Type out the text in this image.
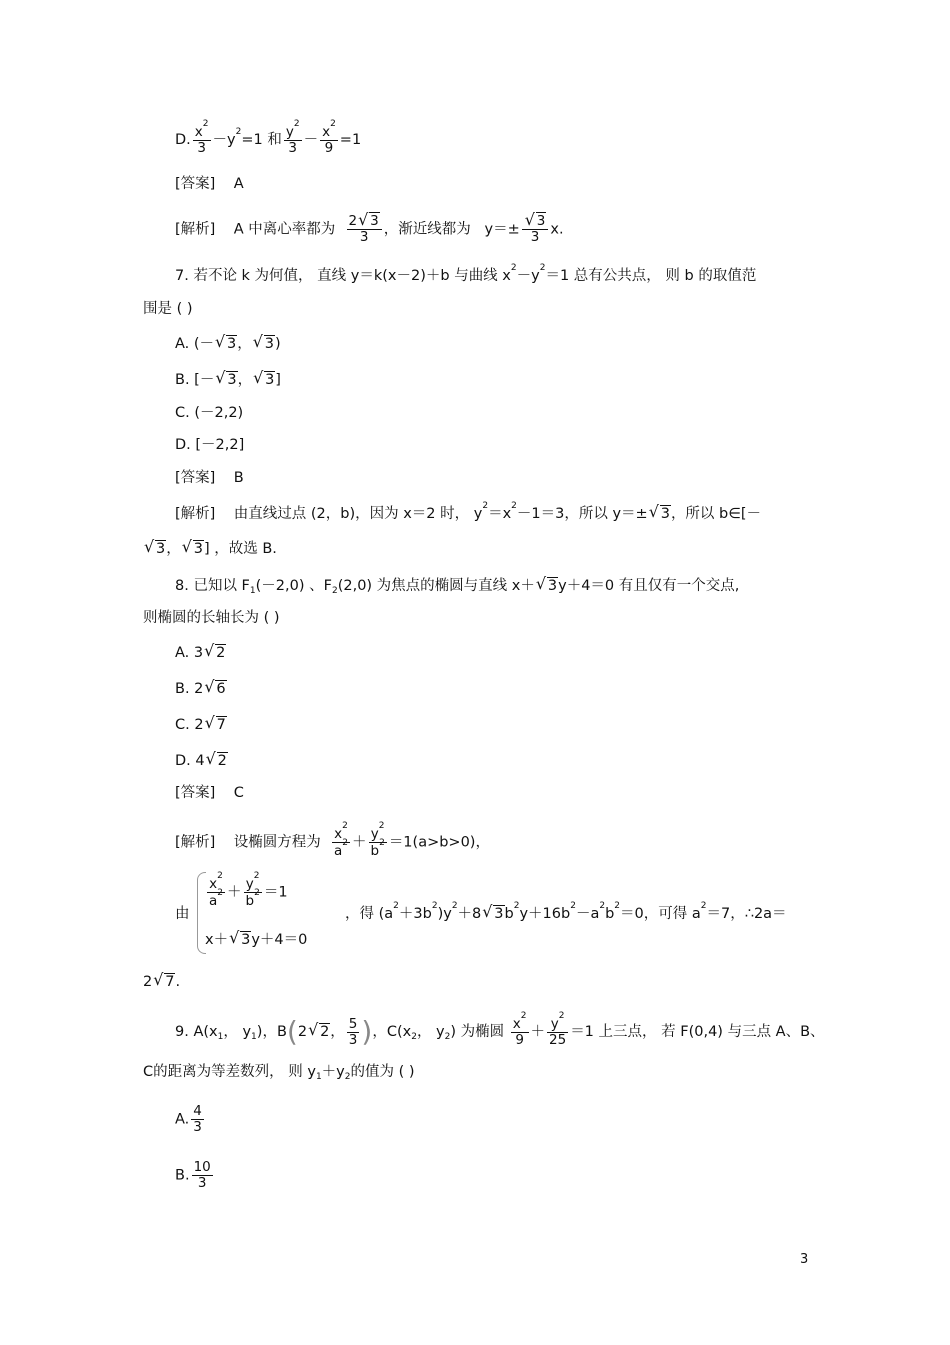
D. $\frac{x^2}{3} -y^2=1$ 和 $\frac{y^2}{3} - \frac{x^2}{9} =1$
[答案] A
[解析] A 中离心率都为 $\frac{2√ 3}{3}$ ，渐近线都为 y＝±
√ $\frac{3}{3} x$.
7. 若不论 k 为何值， 直线 y＝k(x－2)＋b 与曲线 $x^2-y^2=1$ 总有公共点， 则 b 的取值范
围是 ( )
A. (－√ 3，√ 3)
B. [－√ 3，√ 3]
C. (－2,2)
D. [－2,2]
[答案] B
[解析] 由直线过点 (2，b)，因为 x＝2 时， $y^2=x^2-1=3$，所以 y＝±√ 3，所以 b∈[－
√ 3，√ 3] ，故选 B.
8. 已知以 $F_1(-2,0)$ 、$F_2(2,0)$ 为焦点的椭圆与直线 x＋√ 3y＋4＝0 有且仅有一个交点,
则椭圆的长轴长为 ( )
A. 3√ 2
B. 2√ 6
C. 2√ 7
D. 4√ 2
[答案] C
[解析] 设椭圆方程为 $\frac{x^2}{a^2} + \frac{y^2}{b^2} =1(a>b>0)$，
由
$\frac{x^2}{a^2} + \frac{y^2}{b^2} =1$
x＋√ 3y＋4＝0
，得 $(a^2+3b^2)y^2+8√$ $3b^2y+16b^2-a^2b^2=0$，可得 $a^2=7$，∴2a＝
2√ 7.
9. $A(x_1$， $y_1$)，B(2√ 2， $\frac{5}{3}$ )，$C(x_2$， $y_2$) 为椭圆 $\frac{x^2}{9} + \frac{y^2}{25} =1$ 上三点， 若 F(0,4) 与三点 A、B、
C的距离为等差数列， 则 $y_1+y_2$的值为 ( )
A. $\frac{4}{3}$
B. $\frac{10}{3}$
3
